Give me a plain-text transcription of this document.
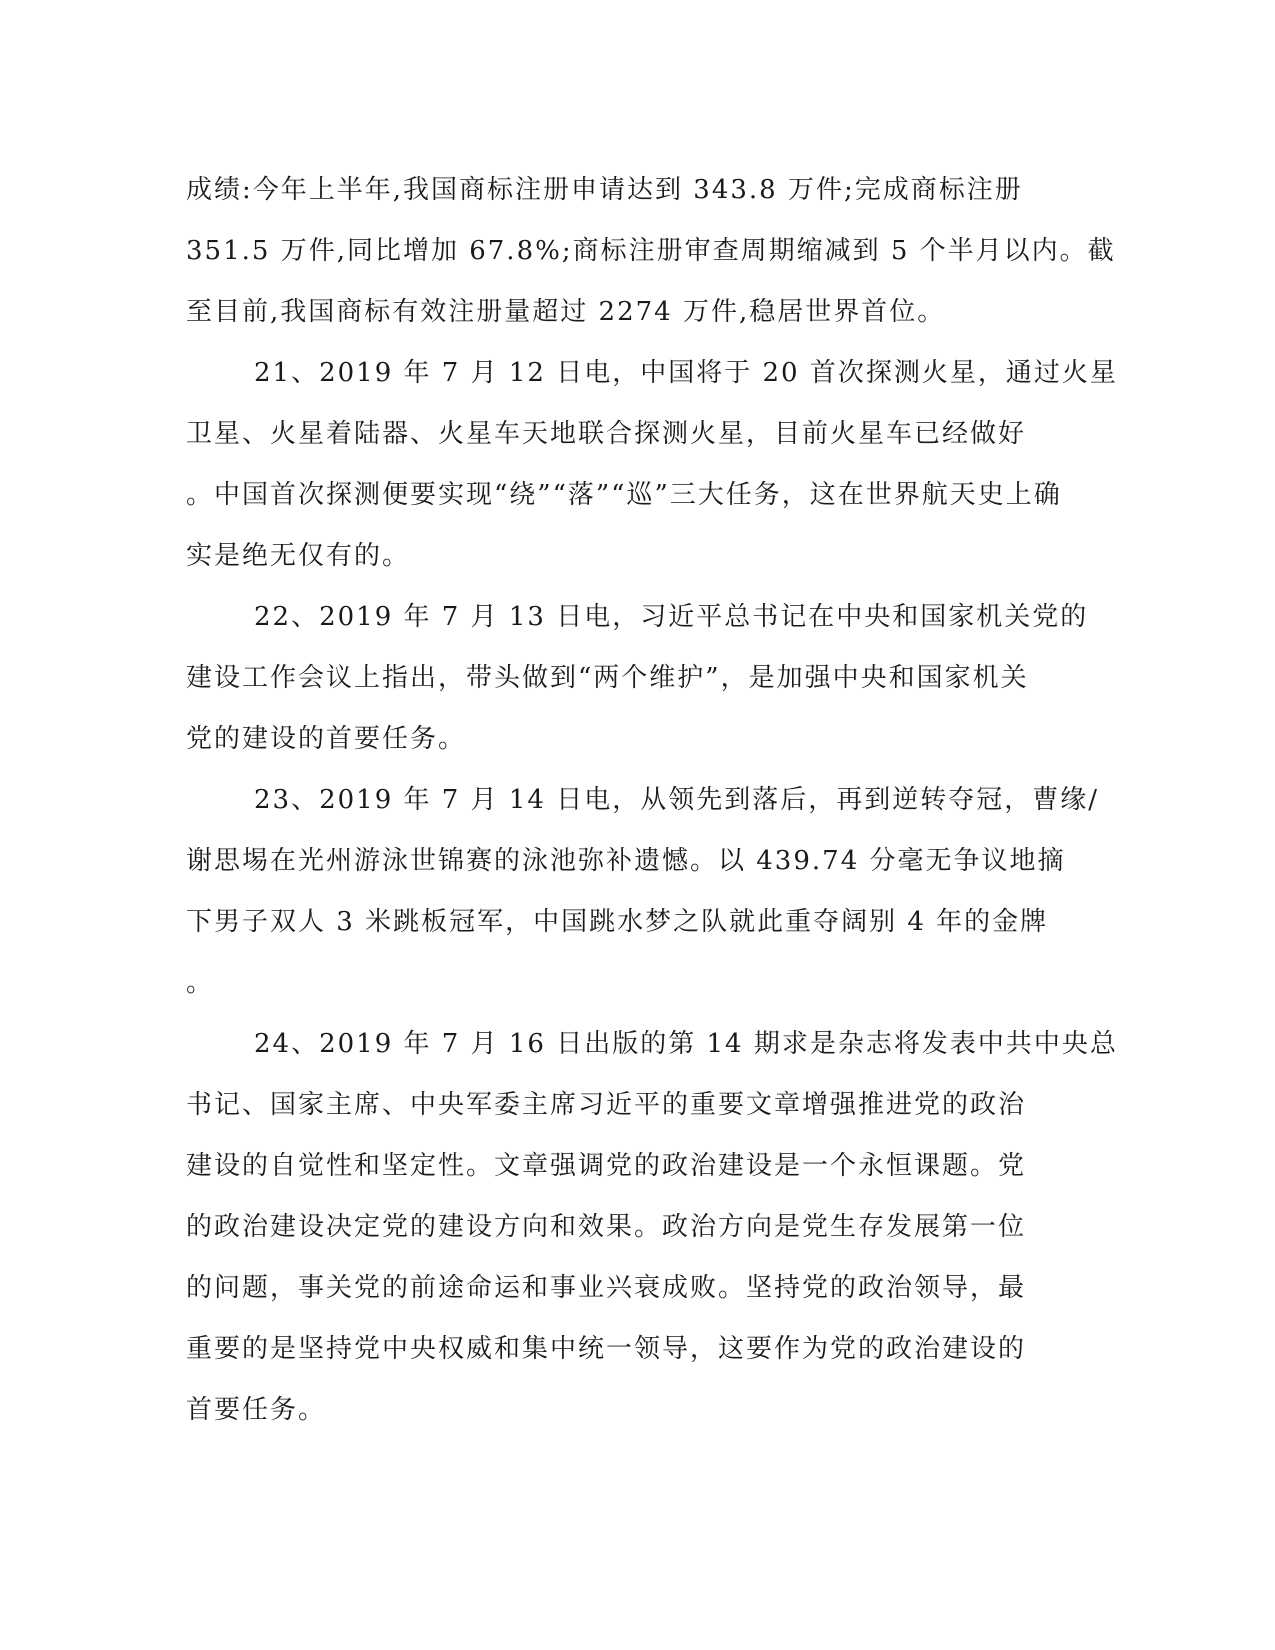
成绩:今年上半年,我国商标注册申请达到 343.8 万件;完成商标注册
351.5 万件,同比增加 67.8%;商标注册审查周期缩减到 5 个半月以内。截
至目前,我国商标有效注册量超过 2274 万件,稳居世界首位。

21、2019 年 7 月 12 日电，中国将于 20 首次探测火星，通过火星
卫星、火星着陆器、火星车天地联合探测火星，目前火星车已经做好
。中国首次探测便要实现“绕”“落”“巡”三大任务，这在世界航天史上确
实是绝无仅有的。

22、2019 年 7 月 13 日电，习近平总书记在中央和国家机关党的
建设工作会议上指出，带头做到“两个维护”，是加强中央和国家机关
党的建设的首要任务。

23、2019 年 7 月 14 日电，从领先到落后，再到逆转夺冠，曹缘/
谢思埸在光州游泳世锦赛的泳池弥补遗憾。以 439.74 分毫无争议地摘
下男子双人 3 米跳板冠军，中国跳水梦之队就此重夺阔别 4 年的金牌
。

24、2019 年 7 月 16 日出版的第 14 期求是杂志将发表中共中央总
书记、国家主席、中央军委主席习近平的重要文章增强推进党的政治
建设的自觉性和坚定性。文章强调党的政治建设是一个永恒课题。党
的政治建设决定党的建设方向和效果。政治方向是党生存发展第一位
的问题，事关党的前途命运和事业兴衰成败。坚持党的政治领导，最
重要的是坚持党中央权威和集中统一领导，这要作为党的政治建设的
首要任务。
